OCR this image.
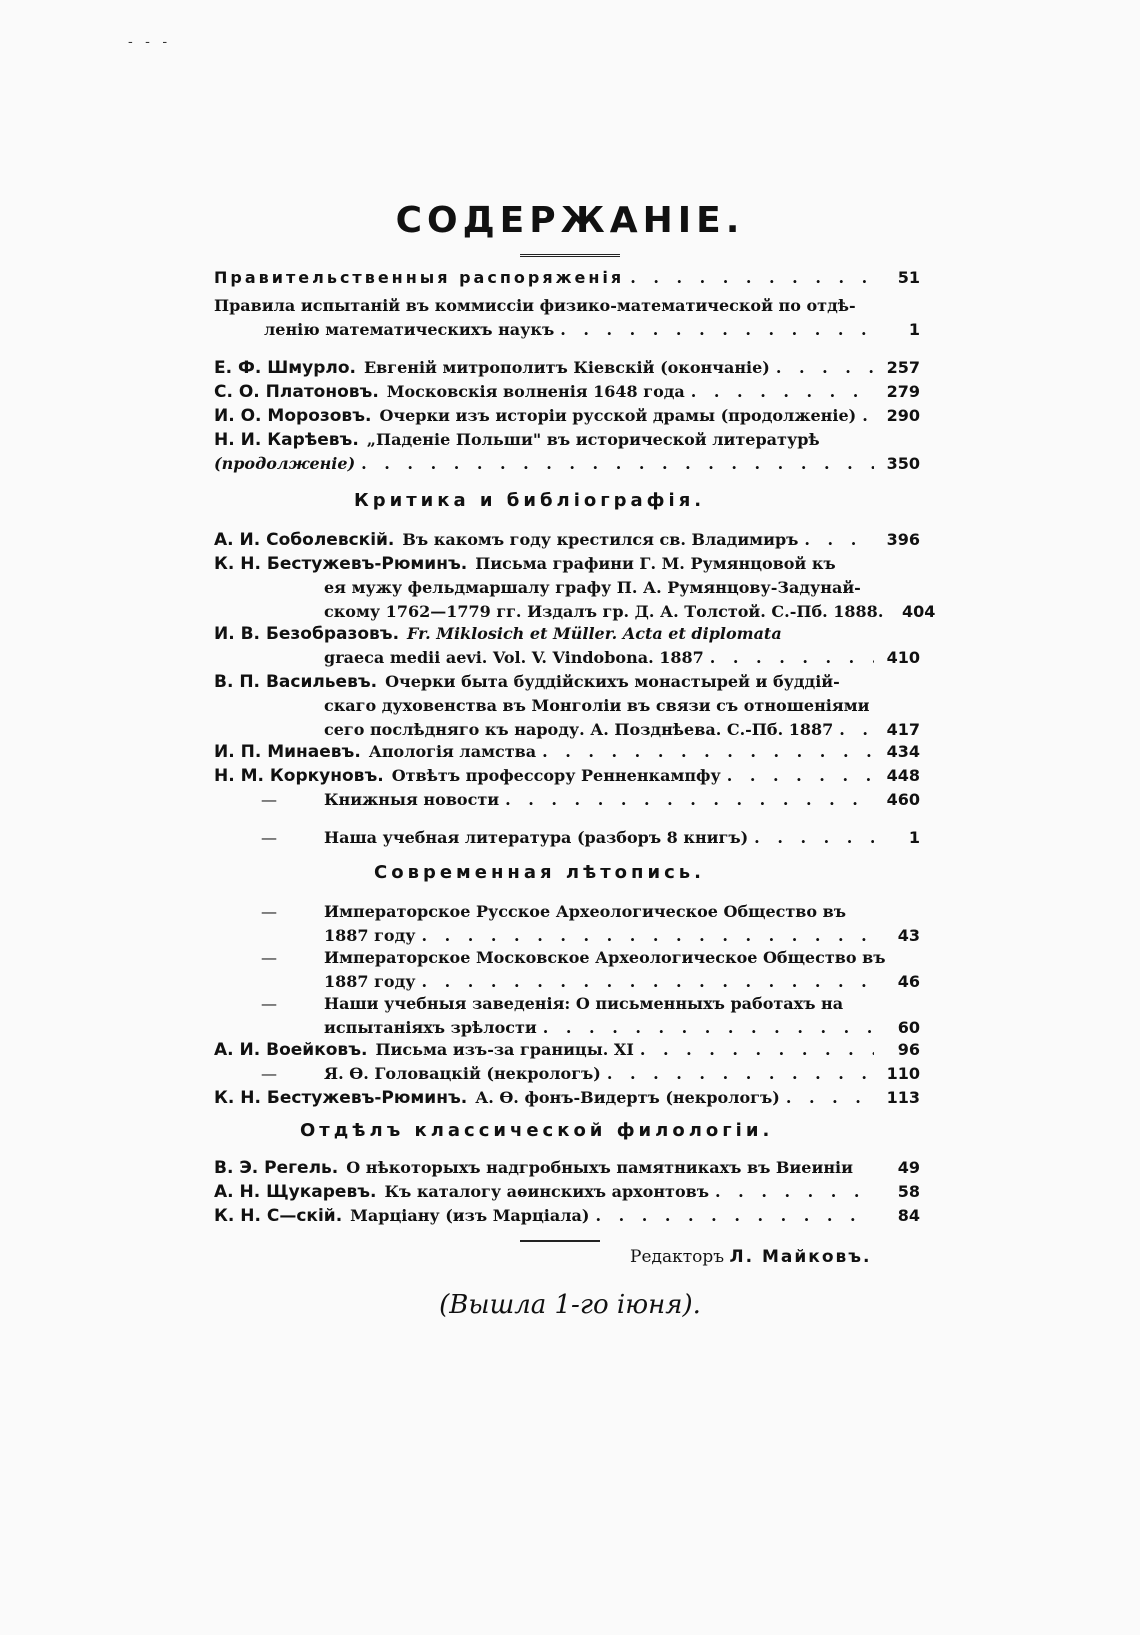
- - -
СОДЕРЖАНІЕ.
Правительственныя распоряженія . . .	51
Правила испытаній въ коммиссіи физико-математической по отдѣ-
ленію математическихъ наукъ . . .	1
Е. Ф. Шмурло. Евгеній митрополитъ Кіевскій (окончаніе) . . .	257
С. О. Платоновъ. Московскія волненія 1648 года . . .	279
И. О. Морозовъ. Очерки изъ исторіи русской драмы (продолженіе) . . .	290
Н. И. Карѣевъ. „Паденіе Польши" въ исторической литературѣ
(продолженіе) . . .	350
Критика и библіографія.
А. И. Соболевскій. Въ какомъ году крестился св. Владимиръ . . .	396
К. Н. Бестужевъ-Рюминъ. Письма графини Г. М. Румянцовой къ
ея мужу фельдмаршалу графу П. А. Румянцову-Задунай-
скому 1762—1779 гг. Издалъ гр. Д. А. Толстой. С.-Пб. 1888.	404
И. В. Безобразовъ. Fr. Miklosich et Müller. Acta et diplomata
graeca medii aevi. Vol. V. Vindobona. 1887 . . .	410
В. П. Васильевъ. Очерки быта буддійскихъ монастырей и буддій-
скаго духовенства въ Монголіи въ связи съ отношеніями
сего послѣдняго къ народу. А. Позднѣева. С.-Пб. 1887 . . .	417
И. П. Минаевъ. Апологія ламства . . .	434
Н. М. Коркуновъ. Отвѣтъ профессору Ренненкампфу . . .	448
—	Книжныя новости . . .	460
—	Наша учебная литература (разборъ 8 книгъ) . . .	1
Современная лѣтопись.
—	Императорское Русское Археологическое Общество въ
1887 году . . .	43
—	Императорское Московское Археологическое Общество въ
1887 году . . .	46
—	Наши учебныя заведенія: О письменныхъ работахъ на
испытаніяхъ зрѣлости . . .	60
А. И. Воейковъ. Письма изъ-за границы. XI . . .	96
—	Я. Ѳ. Головацкій (некрологъ) . . .	110
К. Н. Бестужевъ-Рюминъ. А. Ѳ. фонъ-Видертъ (некрологъ) . . .	113
Отдѣлъ классической филологіи.
В. Э. Регель. О нѣкоторыхъ надгробныхъ памятникахъ въ Виеиніи	49
А. Н. Щукаревъ. Къ каталогу аѳинскихъ архонтовъ . . .	58
К. Н. С—скій. Марціану (изъ Марціала) . . .	84
Редакторъ Л. Майковъ.
(Вышла 1-го іюня).
